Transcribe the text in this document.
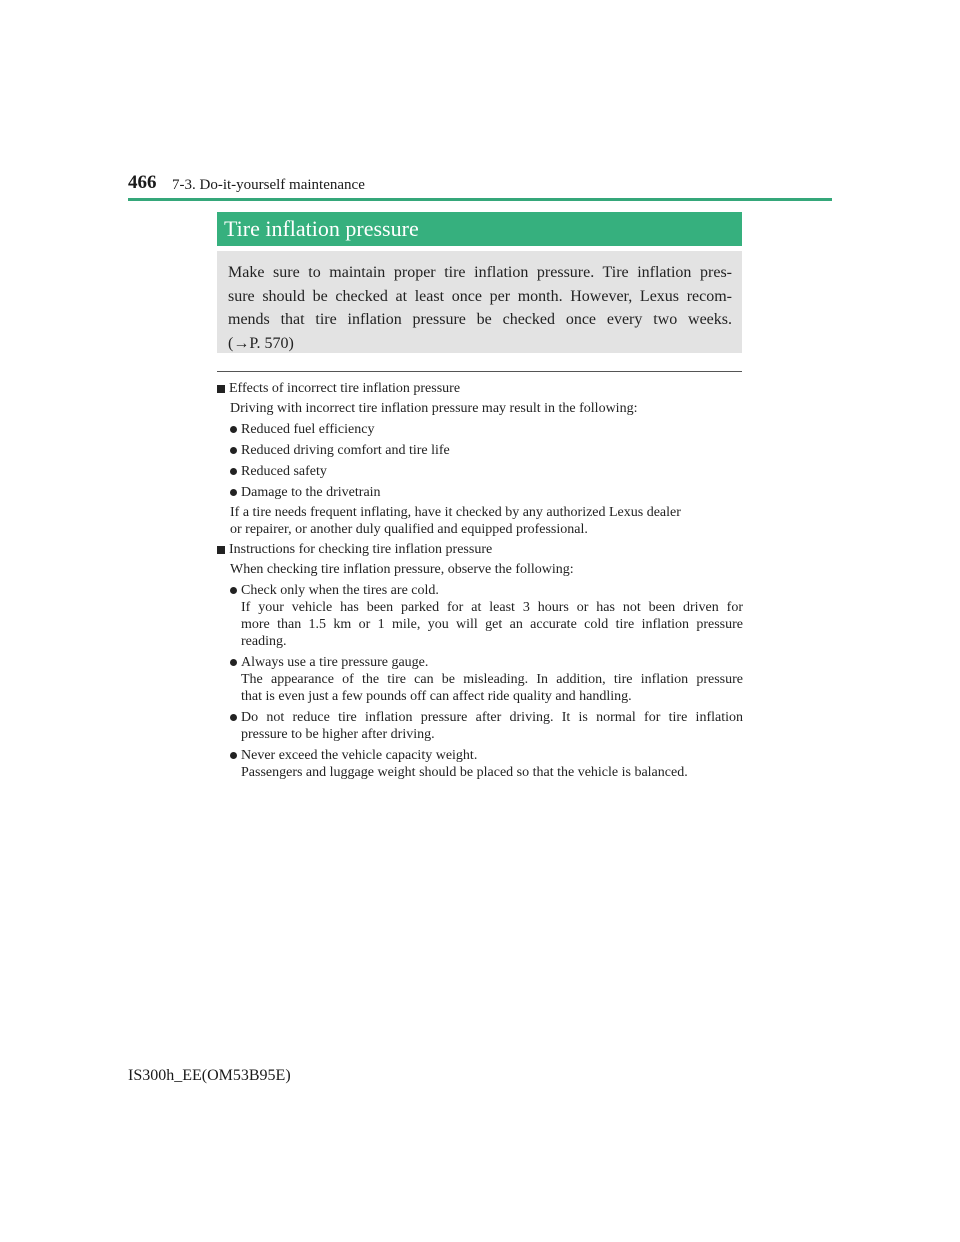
466 7-3. Do-it-yourself maintenance
Tire inflation pressure
Make sure to maintain proper tire inflation pressure. Tire inflation pres-
sure should be checked at least once per month. However, Lexus recom-
mends that tire inflation pressure be checked once every two weeks.
(→P. 570)
Effects of incorrect tire inflation pressure
Driving with incorrect tire inflation pressure may result in the following:
Reduced fuel efficiency
Reduced driving comfort and tire life
Reduced safety
Damage to the drivetrain
If a tire needs frequent inflating, have it checked by any authorized Lexus dealer
or repairer, or another duly qualified and equipped professional.
Instructions for checking tire inflation pressure
When checking tire inflation pressure, observe the following:
Check only when the tires are cold.
If your vehicle has been parked for at least 3 hours or has not been driven for
more than 1.5 km or 1 mile, you will get an accurate cold tire inflation pressure
reading.
Always use a tire pressure gauge.
The appearance of the tire can be misleading. In addition, tire inflation pressure
that is even just a few pounds off can affect ride quality and handling.
Do not reduce tire inflation pressure after driving. It is normal for tire inflation
pressure to be higher after driving.
Never exceed the vehicle capacity weight.
Passengers and luggage weight should be placed so that the vehicle is balanced.
IS300h_EE(OM53B95E)
